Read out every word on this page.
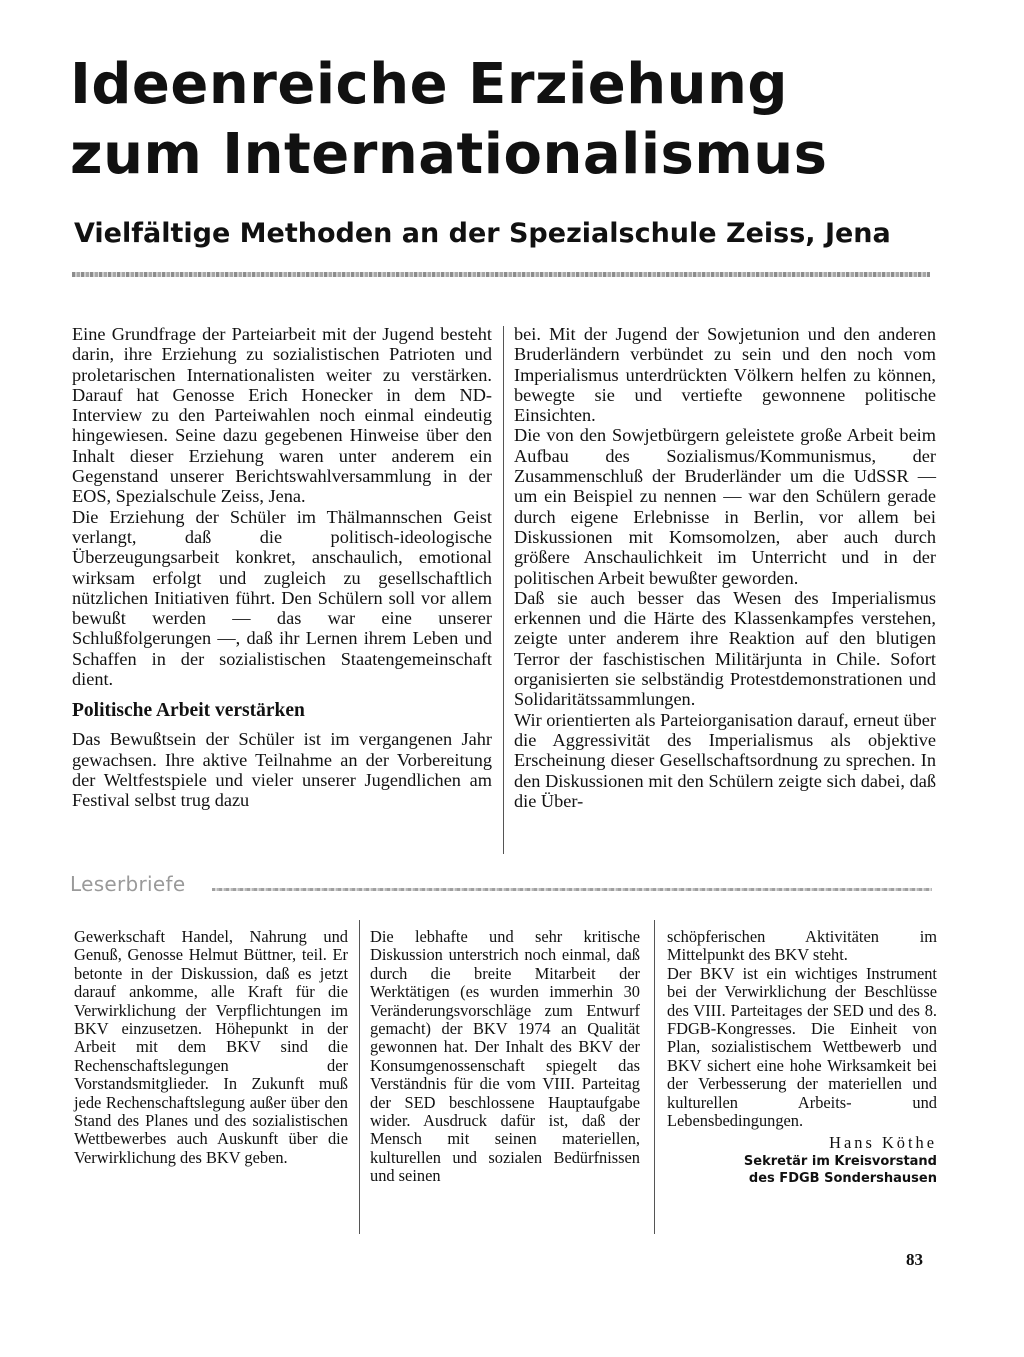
Ideenreiche Erziehung
zum Internationalismus
Vielfältige Methoden an der Spezialschule Zeiss, Jena

Eine Grundfrage der Parteiarbeit mit der Jugend besteht darin, ihre Erziehung zu sozialistischen Patrioten und proletarischen Internationalisten weiter zu verstärken. Darauf hat Genosse Erich Honecker in dem ND-Interview zu den Parteiwahlen noch einmal eindeutig hingewiesen. Seine dazu gegebenen Hinweise über den Inhalt dieser Erziehung waren unter anderem ein Gegenstand unserer Berichtswahlversammlung in der EOS, Spezialschule Zeiss, Jena.

Die Erziehung der Schüler im Thälmannschen Geist verlangt, daß die politisch-ideologische Überzeugungsarbeit konkret, anschaulich, emotional wirksam erfolgt und zugleich zu gesellschaftlich nützlichen Initiativen führt. Den Schülern soll vor allem bewußt werden — das war eine unserer Schlußfolgerungen —, daß ihr Lernen ihrem Leben und Schaffen in der sozialistischen Staatengemeinschaft dient.

Politische Arbeit verstärken

Das Bewußtsein der Schüler ist im vergangenen Jahr gewachsen. Ihre aktive Teilnahme an der Vorbereitung der Weltfestspiele und vieler unserer Jugendlichen am Festival selbst trug dazu

bei. Mit der Jugend der Sowjetunion und den anderen Bruderländern verbündet zu sein und den noch vom Imperialismus unterdrückten Völkern helfen zu können, bewegte sie und vertiefte gewonnene politische Einsichten.

Die von den Sowjetbürgern geleistete große Arbeit beim Aufbau des Sozialismus/Kommunismus, der Zusammenschluß der Bruderländer um die UdSSR — um ein Beispiel zu nennen — war den Schülern gerade durch eigene Erlebnisse in Berlin, vor allem bei Diskussionen mit Komsomolzen, aber auch durch größere Anschaulichkeit im Unterricht und in der politischen Arbeit bewußter geworden.

Daß sie auch besser das Wesen des Imperialismus erkennen und die Härte des Klassenkampfes verstehen, zeigte unter anderem ihre Reaktion auf den blutigen Terror der faschistischen Militärjunta in Chile. Sofort organisierten sie selbständig Protestdemonstrationen und Solidaritätssammlungen.

Wir orientierten als Parteiorganisation darauf, erneut über die Aggressivität des Imperialismus als objektive Erscheinung dieser Gesellschaftsordnung zu sprechen. In den Diskussionen mit den Schülern zeigte sich dabei, daß die Über-

Leserbriefe

Gewerkschaft Handel, Nahrung und Genuß, Genosse Helmut Büttner, teil. Er betonte in der Diskussion, daß es jetzt darauf ankomme, alle Kraft für die Verwirklichung der Verpflichtungen im BKV einzusetzen. Höhepunkt in der Arbeit mit dem BKV sind die Rechenschaftslegungen der Vorstandsmitglieder. In Zukunft muß jede Rechenschaftslegung außer über den Stand des Planes und des sozialistischen Wettbewerbes auch Auskunft über die Verwirklichung des BKV geben.

Die lebhafte und sehr kritische Diskussion unterstrich noch einmal, daß durch die breite Mitarbeit der Werktätigen (es wurden immerhin 30 Veränderungsvorschläge zum Entwurf gemacht) der BKV 1974 an Qualität gewonnen hat. Der Inhalt des BKV der Konsumgenossenschaft spiegelt das Verständnis für die vom VIII. Parteitag der SED beschlossene Hauptaufgabe wider. Ausdruck dafür ist, daß der Mensch mit seinen materiellen, kulturellen und sozialen Bedürfnissen und seinen

schöpferischen Aktivitäten im Mittelpunkt des BKV steht.

Der BKV ist ein wichtiges Instrument bei der Verwirklichung der Beschlüsse des VIII. Parteitages der SED und des 8. FDGB-Kongresses. Die Einheit von Plan, sozialistischem Wettbewerb und BKV sichert eine hohe Wirksamkeit bei der Verbesserung der materiellen und kulturellen Arbeits- und Lebensbedingungen.

Hans Köthe

Sekretär im Kreisvorstand

des FDGB Sondershausen

83
